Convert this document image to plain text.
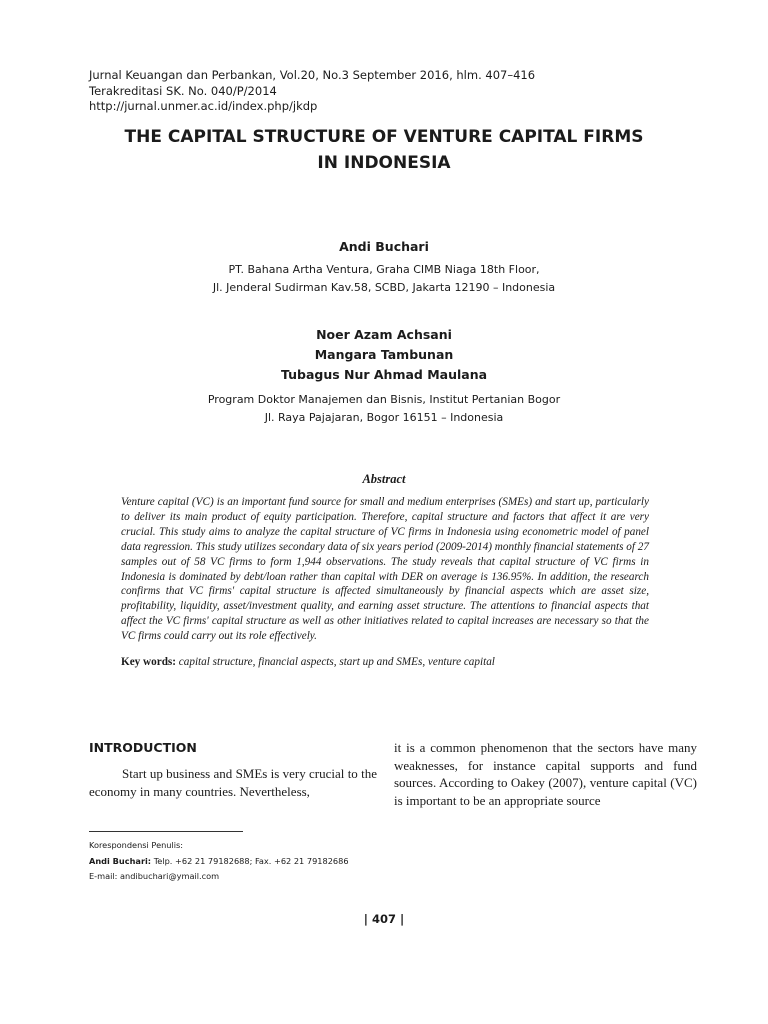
Jurnal Keuangan dan Perbankan, Vol.20, No.3 September 2016, hlm. 407–416
Terakreditasi SK. No. 040/P/2014
http://jurnal.unmer.ac.id/index.php/jkdp
THE CAPITAL STRUCTURE OF VENTURE CAPITAL FIRMS
IN INDONESIA
Andi Buchari
PT. Bahana Artha Ventura, Graha CIMB Niaga 18th Floor,
Jl. Jenderal Sudirman Kav.58, SCBD, Jakarta 12190 – Indonesia
Noer Azam Achsani
Mangara Tambunan
Tubagus Nur Ahmad Maulana
Program Doktor Manajemen dan Bisnis, Institut Pertanian Bogor
Jl. Raya Pajajaran, Bogor 16151 – Indonesia
Abstract
Venture capital (VC) is an important fund source for small and medium enterprises (SMEs) and start up, particularly to deliver its main product of equity participation. Therefore, capital structure and factors that affect it are very crucial. This study aims to analyze the capital structure of VC firms in Indonesia using econometric model of panel data regression. This study utilizes secondary data of six years period (2009-2014) monthly financial statements of 27 samples out of 58 VC firms to form 1,944 observations. The study reveals that capital structure of VC firms in Indonesia is dominated by debt/loan rather than capital with DER on average is 136.95%. In addition, the research confirms that VC firms' capital structure is affected simultaneously by financial aspects which are asset size, profitability, liquidity, asset/investment quality, and earning asset structure. The attentions to financial aspects that affect the VC firms' capital structure as well as other initiatives related to capital increases are necessary so that the VC firms could carry out its role effectively.
Key words: capital structure, financial aspects, start up and SMEs, venture capital
INTRODUCTION
Start up business and SMEs is very crucial to the economy in many countries. Nevertheless,
it is a common phenomenon that the sectors have many weaknesses, for instance capital supports and fund sources. According to Oakey (2007), venture capital (VC) is important to be an appropriate source
Korespondensi Penulis:
Andi Buchari: Telp. +62 21 79182688; Fax. +62 21 79182686
E-mail: andibuchari@ymail.com
| 407 |
